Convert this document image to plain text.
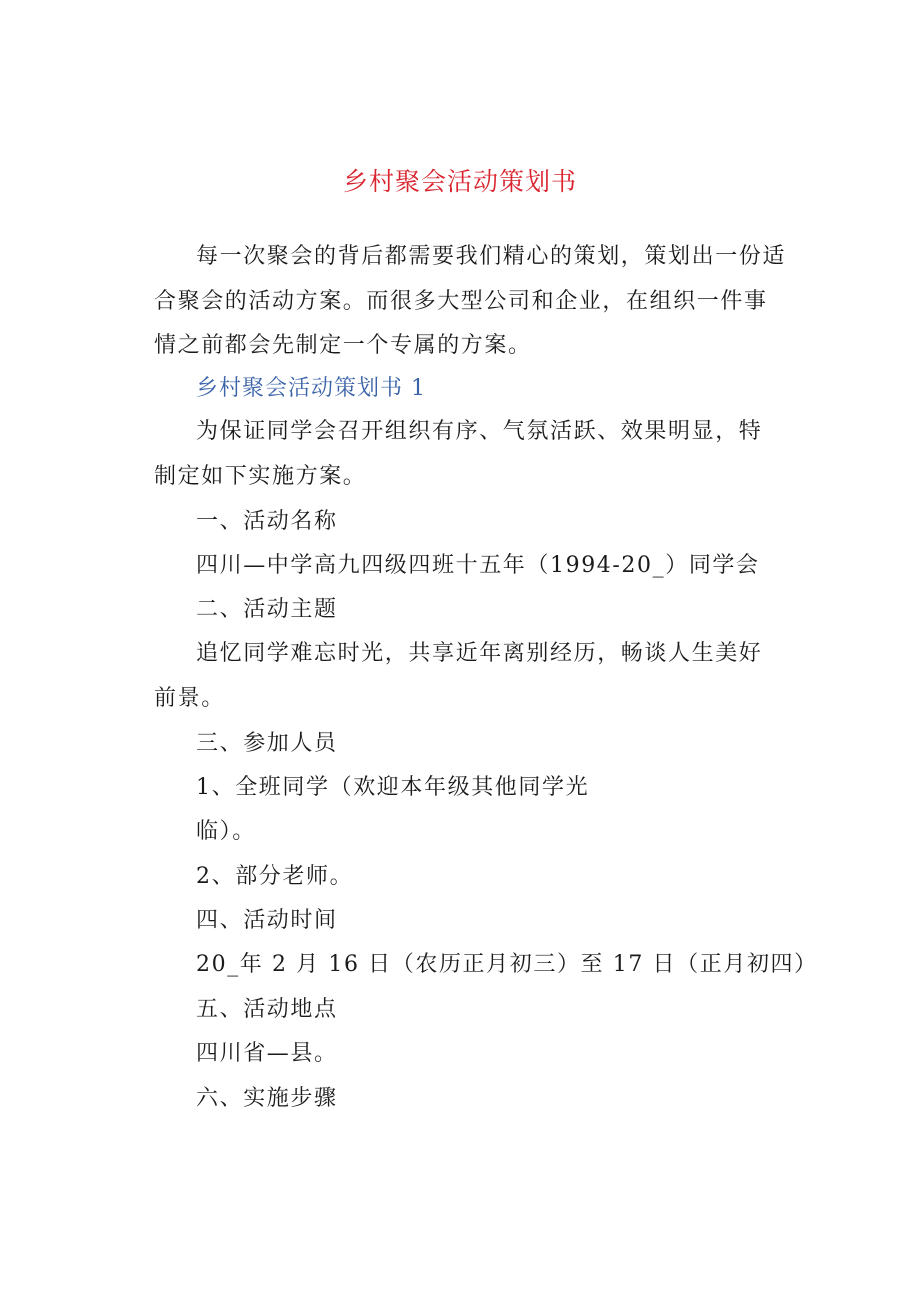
乡村聚会活动策划书
每一次聚会的背后都需要我们精心的策划，策划出一份适
合聚会的活动方案。而很多大型公司和企业，在组织一件事
情之前都会先制定一个专属的方案。
乡村聚会活动策划书 1
为保证同学会召开组织有序、气氛活跃、效果明显，特
制定如下实施方案。
一、活动名称
四川—中学高九四级四班十五年（1994-20_）同学会
二、活动主题
追忆同学难忘时光，共享近年离别经历，畅谈人生美好
前景。
三、参加人员
1、全班同学（欢迎本年级其他同学光
临）。
2、部分老师。
四、活动时间
20_年 2 月 16 日（农历正月初三）至 17 日（正月初四）
五、活动地点
四川省—县。
六、实施步骤
